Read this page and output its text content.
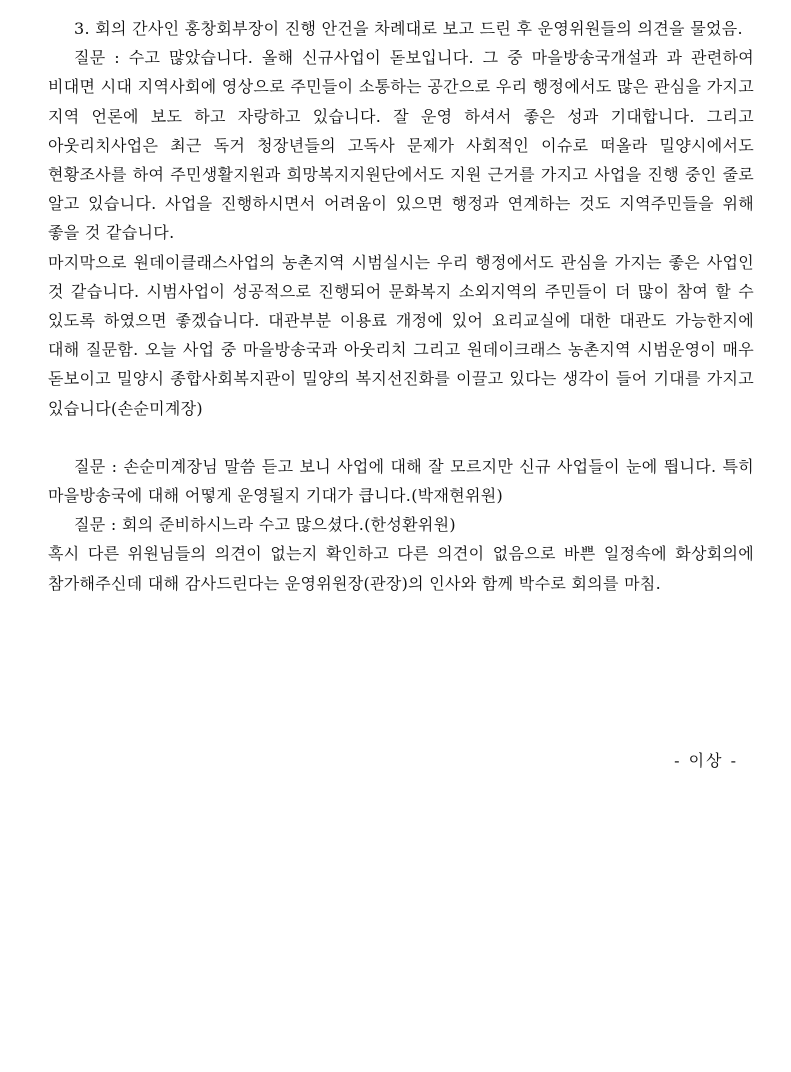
3. 회의 간사인 홍창회부장이 진행 안건을 차례대로 보고 드린 후 운영위원들의 의견을 물었음.

질문 : 수고 많았습니다. 올해 신규사업이 돋보입니다. 그 중 마을방송국개설과 과 관련하여 비대면 시대 지역사회에 영상으로 주민들이 소통하는 공간으로 우리 행정에서도 많은 관심을 가지고 지역 언론에 보도 하고 자랑하고 있습니다. 잘 운영 하셔서 좋은 성과 기대합니다. 그리고 아웃리치사업은 최근 독거 청장년들의 고독사 문제가 사회적인 이슈로 떠올라 밀양시에서도 현황조사를 하여 주민생활지원과 희망복지지원단에서도 지원 근거를 가지고 사업을 진행 중인 줄로 알고 있습니다. 사업을 진행하시면서 어려움이 있으면 행정과 연계하는 것도 지역주민들을 위해 좋을 것 같습니다.

마지막으로 원데이클래스사업의 농촌지역 시범실시는 우리 행정에서도 관심을 가지는 좋은 사업인 것 같습니다. 시범사업이 성공적으로 진행되어 문화복지 소외지역의 주민들이 더 많이 참여 할 수 있도록 하였으면 좋겠습니다. 대관부분 이용료 개정에 있어 요리교실에 대한 대관도 가능한지에 대해 질문함. 오늘 사업 중 마을방송국과 아웃리치 그리고 원데이크래스 농촌지역 시범운영이 매우 돋보이고 밀양시 종합사회복지관이 밀양의 복지선진화를 이끌고 있다는 생각이 들어 기대를 가지고 있습니다(손순미계장)

질문 : 손순미계장님 말씀 듣고 보니 사업에 대해 잘 모르지만 신규 사업들이 눈에 띕니다. 특히 마을방송국에 대해 어떻게 운영될지 기대가 큽니다.(박재현위원)

질문 : 회의 준비하시느라 수고 많으셨다.(한성환위원)

혹시 다른 위원님들의 의견이 없는지 확인하고 다른 의견이 없음으로 바쁜 일정속에 화상회의에 참가해주신데 대해 감사드린다는 운영위원장(관장)의 인사와 함께 박수로 회의를 마침.

- 이상 -
